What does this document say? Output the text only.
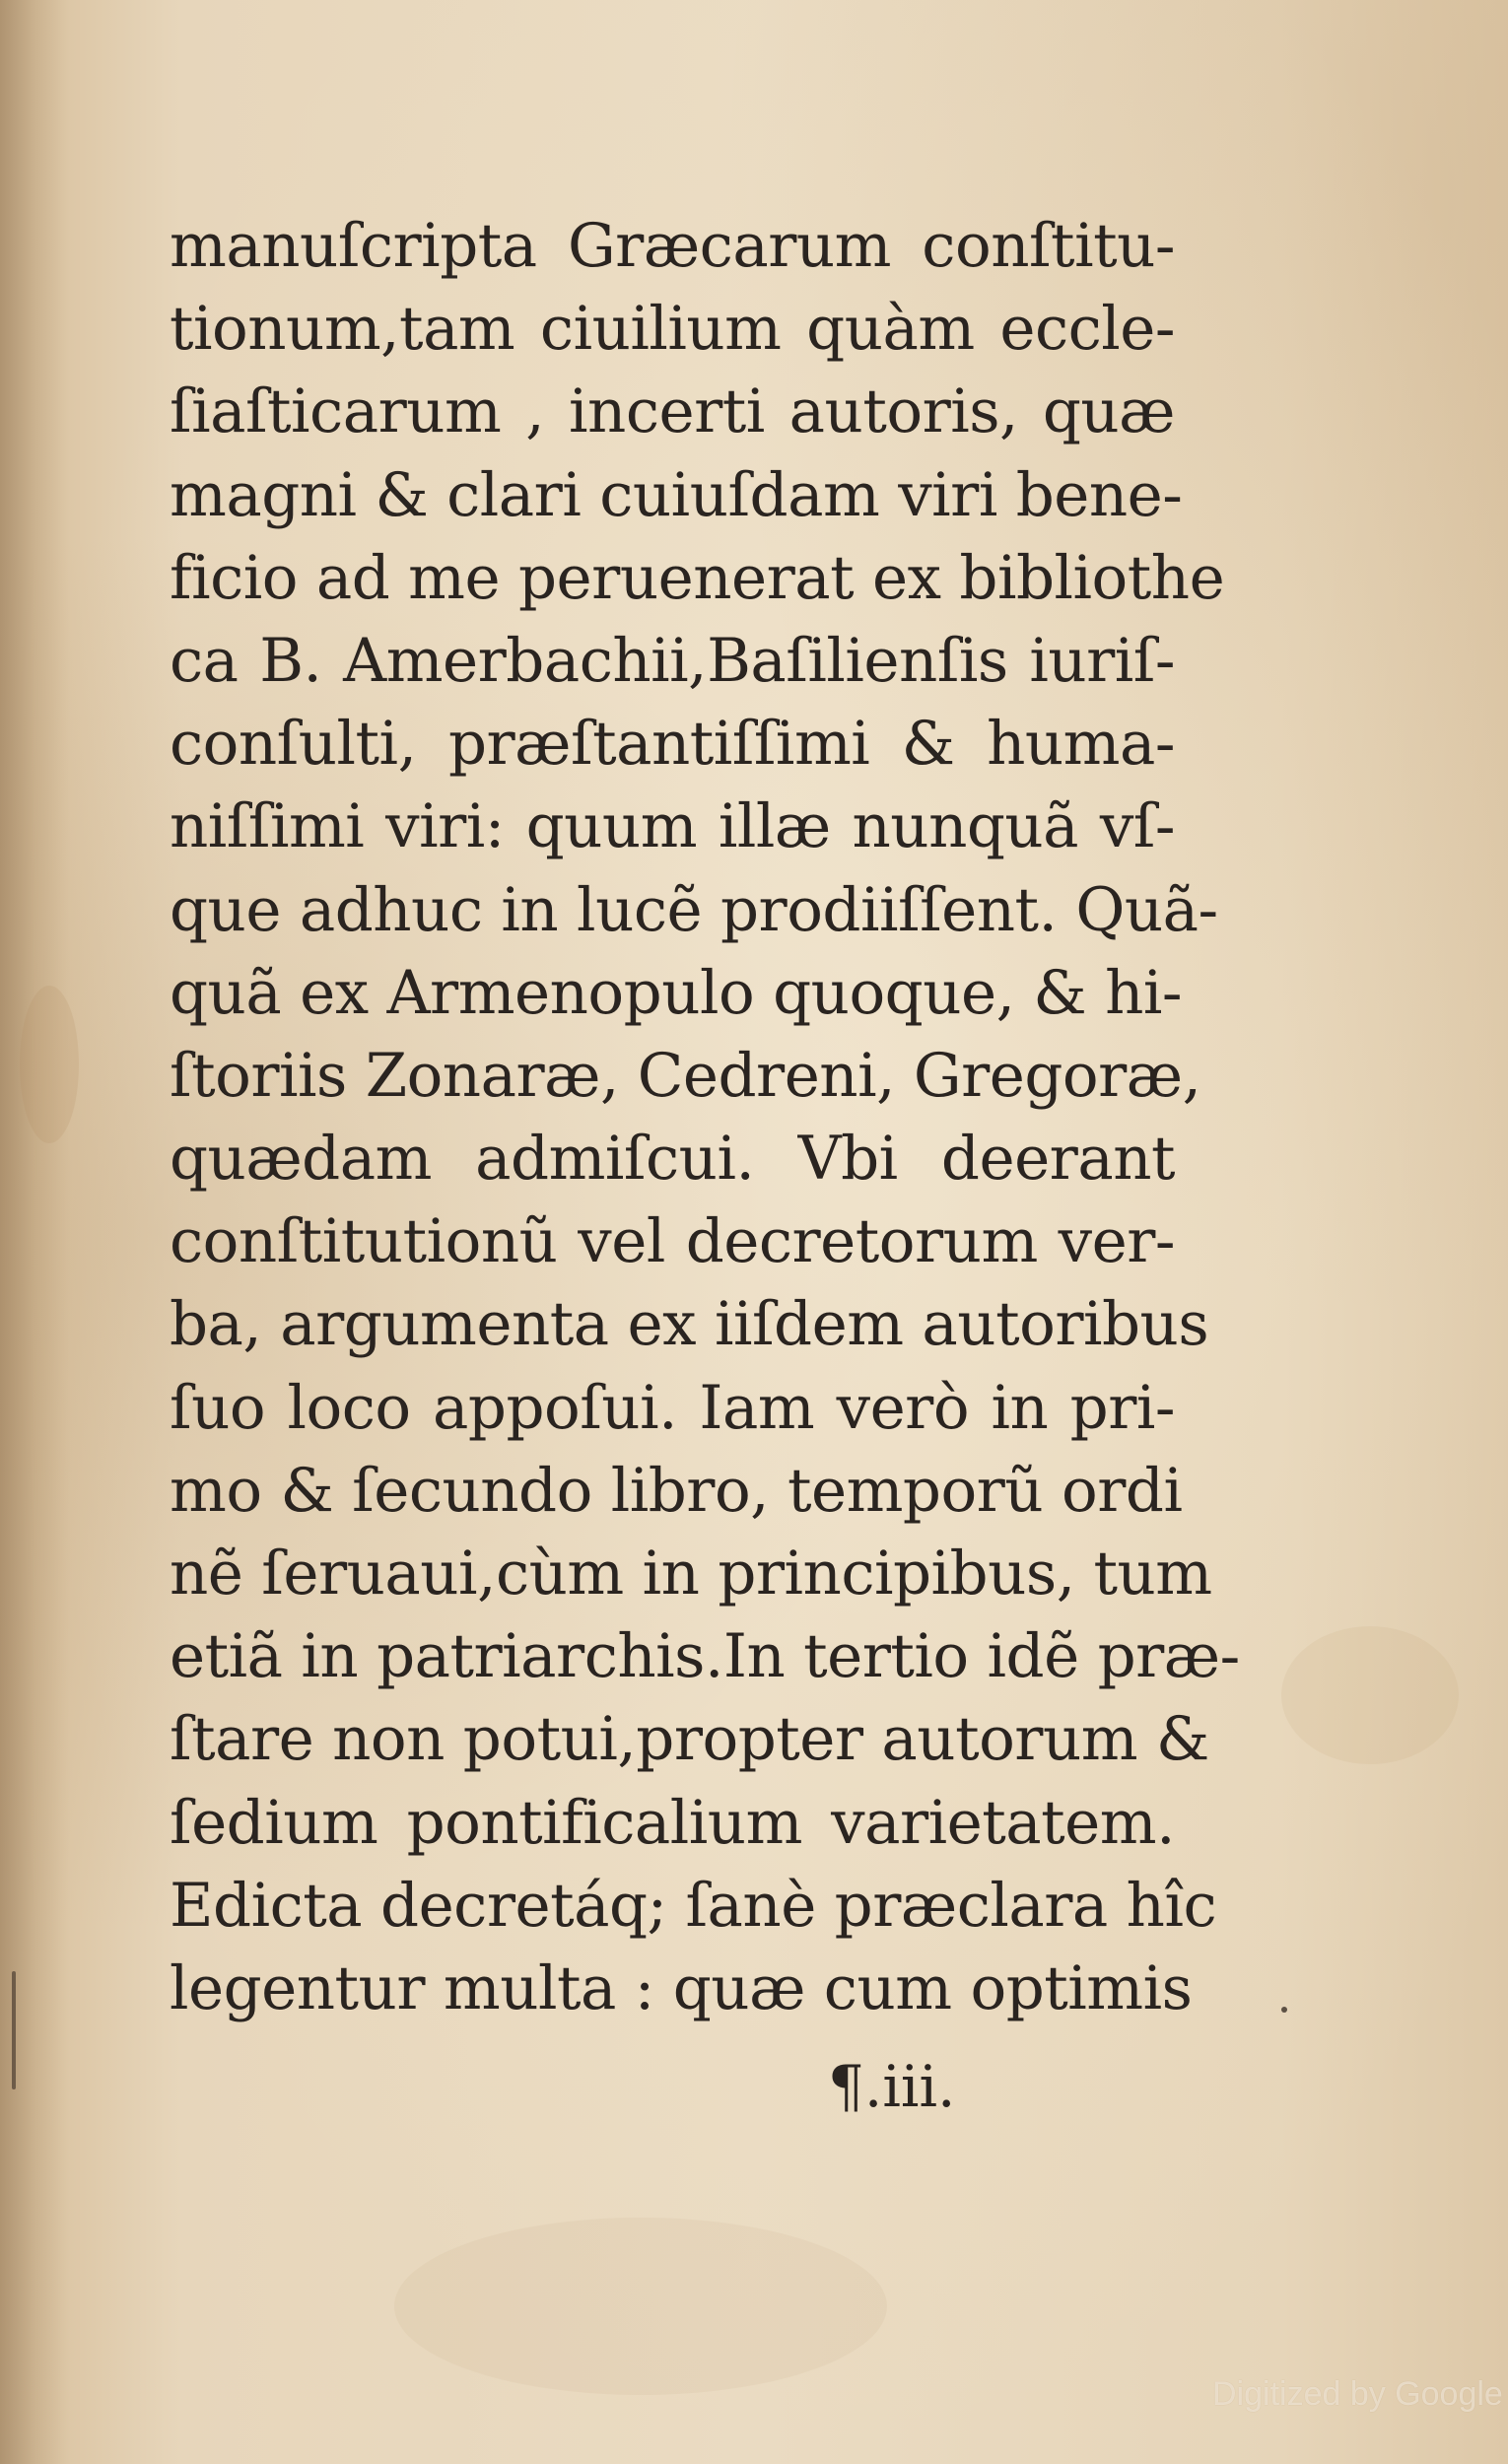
manuſcripta Græcarum conſtitu-
tionum,tam ciuilium quàm eccle-
ſiaſticarum , incerti autoris, quæ
magni & clari cuiuſdam viri bene-
ficio ad me peruenerat ex bibliothe
ca B. Amerbachii,Baſilienſis iuriſ-
conſulti, præſtantiſſimi & huma-
niſſimi viri: quum illæ nunquã vſ-
que adhuc in lucẽ prodiiſſent. Quã-
quã ex Armenopulo quoque, & hi-
ſtoriis Zonaræ, Cedreni, Gregoræ,
quædam admiſcui. Vbi deerant
conſtitutionũ vel decretorum ver-
ba, argumenta ex iiſdem autoribus
ſuo loco appoſui. Iam verò in pri-
mo & ſecundo libro, temporũ ordi
nẽ ſeruaui,cùm in principibus, tum
etiã in patriarchis.In tertio idẽ præ-
ſtare non potui,propter autorum &
ſedium pontificalium varietatem.
Edicta decretáq; ſanè præclara hîc
legentur multa : quæ cum optimis
¶.iii.
Digitized by Google
